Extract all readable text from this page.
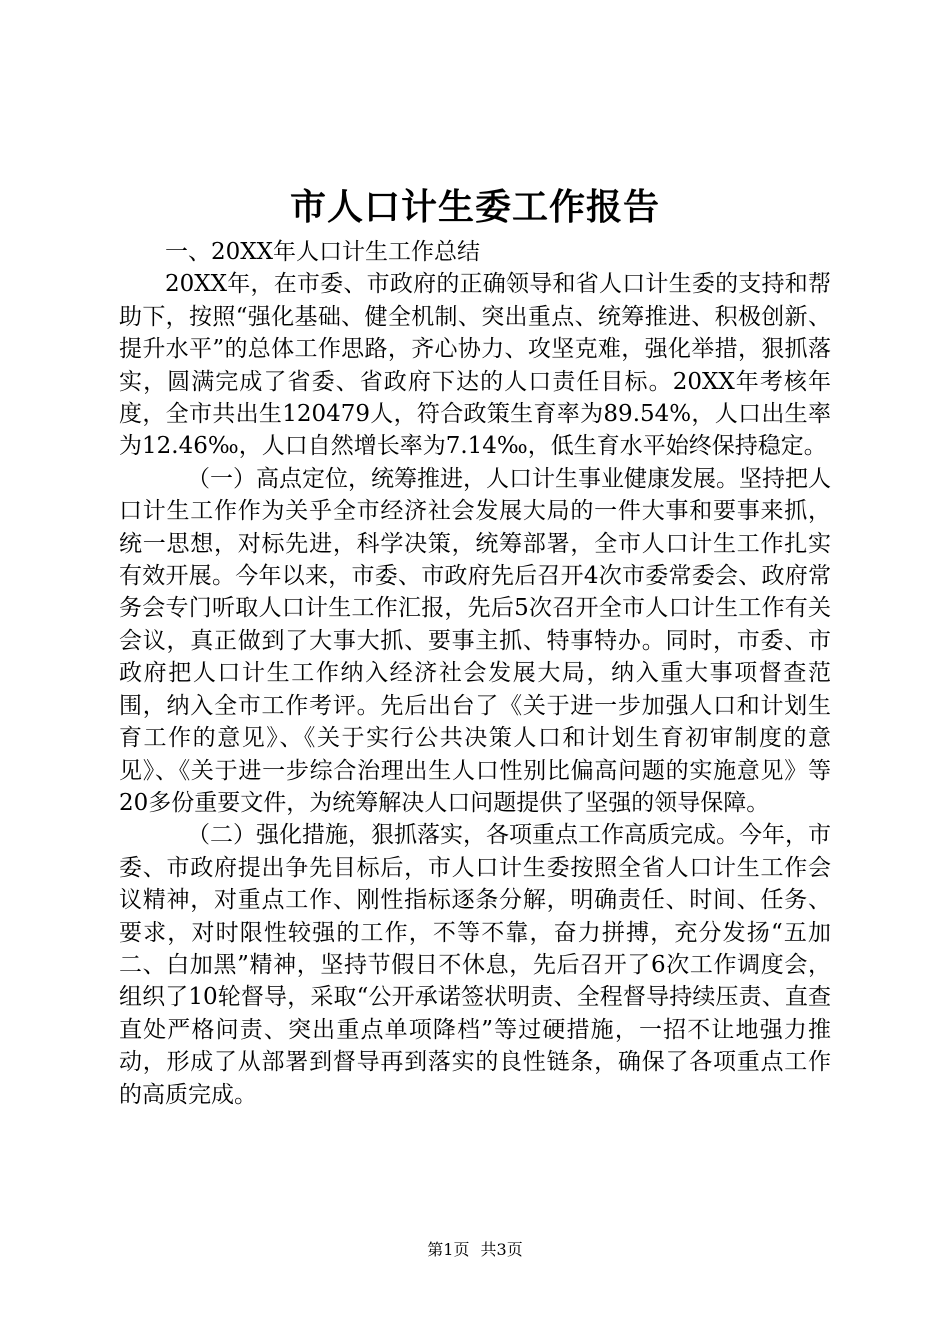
市人口计生委工作报告

一、20XX年人口计生工作总结

20XX年，在市委、市政府的正确领导和省人口计生委的支持和帮助下，按照“强化基础、健全机制、突出重点、统筹推进、积极创新、提升水平”的总体工作思路，齐心协力、攻坚克难，强化举措，狠抓落实，圆满完成了省委、省政府下达的人口责任目标。20XX年考核年度，全市共出生120479人，符合政策生育率为89.54%，人口出生率为12.46‰，人口自然增长率为7.14‰，低生育水平始终保持稳定。

（一）高点定位，统筹推进，人口计生事业健康发展。坚持把人口计生工作作为关乎全市经济社会发展大局的一件大事和要事来抓，统一思想，对标先进，科学决策，统筹部署，全市人口计生工作扎实有效开展。今年以来，市委、市政府先后召开4次市委常委会、政府常务会专门听取人口计生工作汇报，先后5次召开全市人口计生工作有关会议，真正做到了大事大抓、要事主抓、特事特办。同时，市委、市政府把人口计生工作纳入经济社会发展大局，纳入重大事项督查范围，纳入全市工作考评。先后出台了《关于进一步加强人口和计划生育工作的意见》、《关于实行公共决策人口和计划生育初审制度的意见》、《关于进一步综合治理出生人口性别比偏高问题的实施意见》等20多份重要文件，为统筹解决人口问题提供了坚强的领导保障。

（二）强化措施，狠抓落实，各项重点工作高质完成。今年，市委、市政府提出争先目标后，市人口计生委按照全省人口计生工作会议精神，对重点工作、刚性指标逐条分解，明确责任、时间、任务、要求，对时限性较强的工作，不等不靠，奋力拼搏，充分发扬“五加二、白加黑”精神，坚持节假日不休息，先后召开了6次工作调度会，组织了10轮督导，采取“公开承诺签状明责、全程督导持续压责、直查直处严格问责、突出重点单项降档”等过硬措施，一招不让地强力推动，形成了从部署到督导再到落实的良性链条，确保了各项重点工作的高质完成。

第1页 共3页
